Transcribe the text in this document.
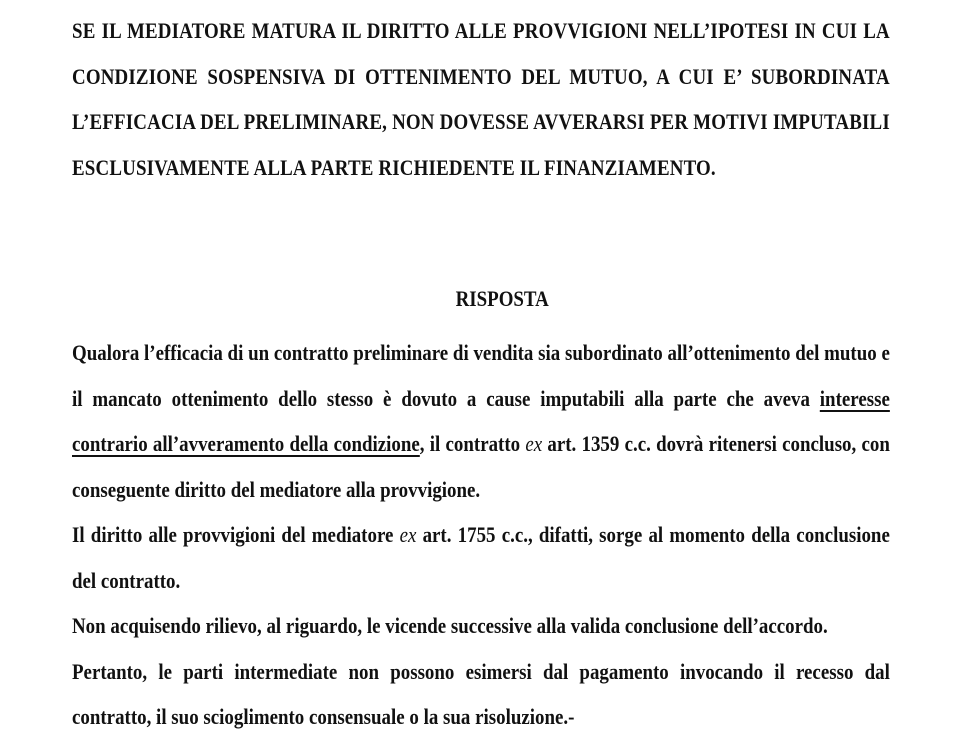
SE IL MEDIATORE MATURA IL DIRITTO ALLE PROVVIGIONI NELL’IPOTESI IN CUI LA CONDIZIONE SOSPENSIVA DI OTTENIMENTO DEL MUTUO, A CUI E’ SUBORDINATA L’EFFICACIA DEL PRELIMINARE, NON DOVESSE AVVERARSI PER MOTIVI IMPUTABILI ESCLUSIVAMENTE ALLA PARTE RICHIEDENTE IL FINANZIAMENTO.

RISPOSTA

Qualora l’efficacia di un contratto preliminare di vendita sia subordinato all’ottenimento del mutuo e il mancato ottenimento dello stesso è dovuto a cause imputabili alla parte che aveva interesse contrario all’avveramento della condizione, il contratto ex art. 1359 c.c. dovrà ritenersi concluso, con conseguente diritto del mediatore alla provvigione.

Il diritto alle provvigioni del mediatore ex art. 1755 c.c., difatti, sorge al momento della conclusione del contratto.

Non acquisendo rilievo, al riguardo, le vicende successive alla valida conclusione dell’accordo.

Pertanto, le parti intermediate non possono esimersi dal pagamento invocando il recesso dal contratto, il suo scioglimento consensuale o la sua risoluzione.-
